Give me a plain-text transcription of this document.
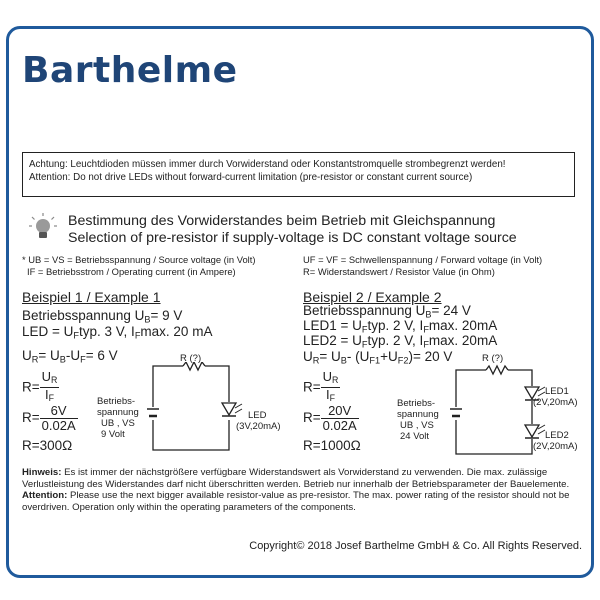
Barthelme
Achtung: Leuchtdioden müssen immer durch Vorwiderstand oder Konstantstromquelle strombegrenzt werden!
Attention: Do not drive LEDs without forward-current limitation (pre-resistor or constant current source)
Bestimmung des Vorwiderstandes beim Betrieb mit Gleichspannung
Selection of pre-resistor if supply-voltage is DC constant voltage source
* UB = VS = Betriebsspannung / Source voltage (in Volt)
IF = Betriebsstrom / Operating current (in Ampere)
UF = VF = Schwellenspannung / Forward voltage (in Volt)
R= Widerstandswert / Resistor Value (in Ohm)
Beispiel 1 / Example 1
Betriebsspannung $U_B= 9$ V
LED = $U_Ftyp$. 3 V, $I_F\max$. 20 mA
$U_R= U_B-U_F= 6$ V
$R= \frac{U_R}{I_F}$
$R= \frac{6V}{0.02A}$
R=300Ω
Betriebs-
spannung
UB , VS
9 Volt
R (?)
LED
(3V,20mA)
Beispiel 2 / Example 2
Betriebsspannung $U_B= 24$ V
$LED1 = U_Ftyp$. 2 V, $I_F\max$. 20mA
$LED2 = U_Ftyp$. 2 V, $I_F\max$. 20mA
$U_R= U_B-$ $(U_{F1}+U_{F2})= 20$ V
$R= \frac{U_R}{I_F}$
$R= \frac{20V}{0.02A}$
R=1000Ω
Betriebs-
spannung
UB , VS
24 Volt
R (?)
LED1
(2V,20mA)
LED2
(2V,20mA)
Hinweis: Es ist immer der nächstgrößere verfügbare Widerstandswert als Vorwiderstand zu verwenden. Die max. zulässige Verlustleistung des Widerstandes darf nicht überschritten werden. Betrieb nur innerhalb der Betriebsparameter der Bauelemente.
Attention: Please use the next bigger available resistor-value as pre-resistor. The max. power rating of the resistor should not be overdriven. Operation only within the operating parameters of the components.
Copyright© 2018 Josef Barthelme GmbH & Co. All Rights Reserved.
